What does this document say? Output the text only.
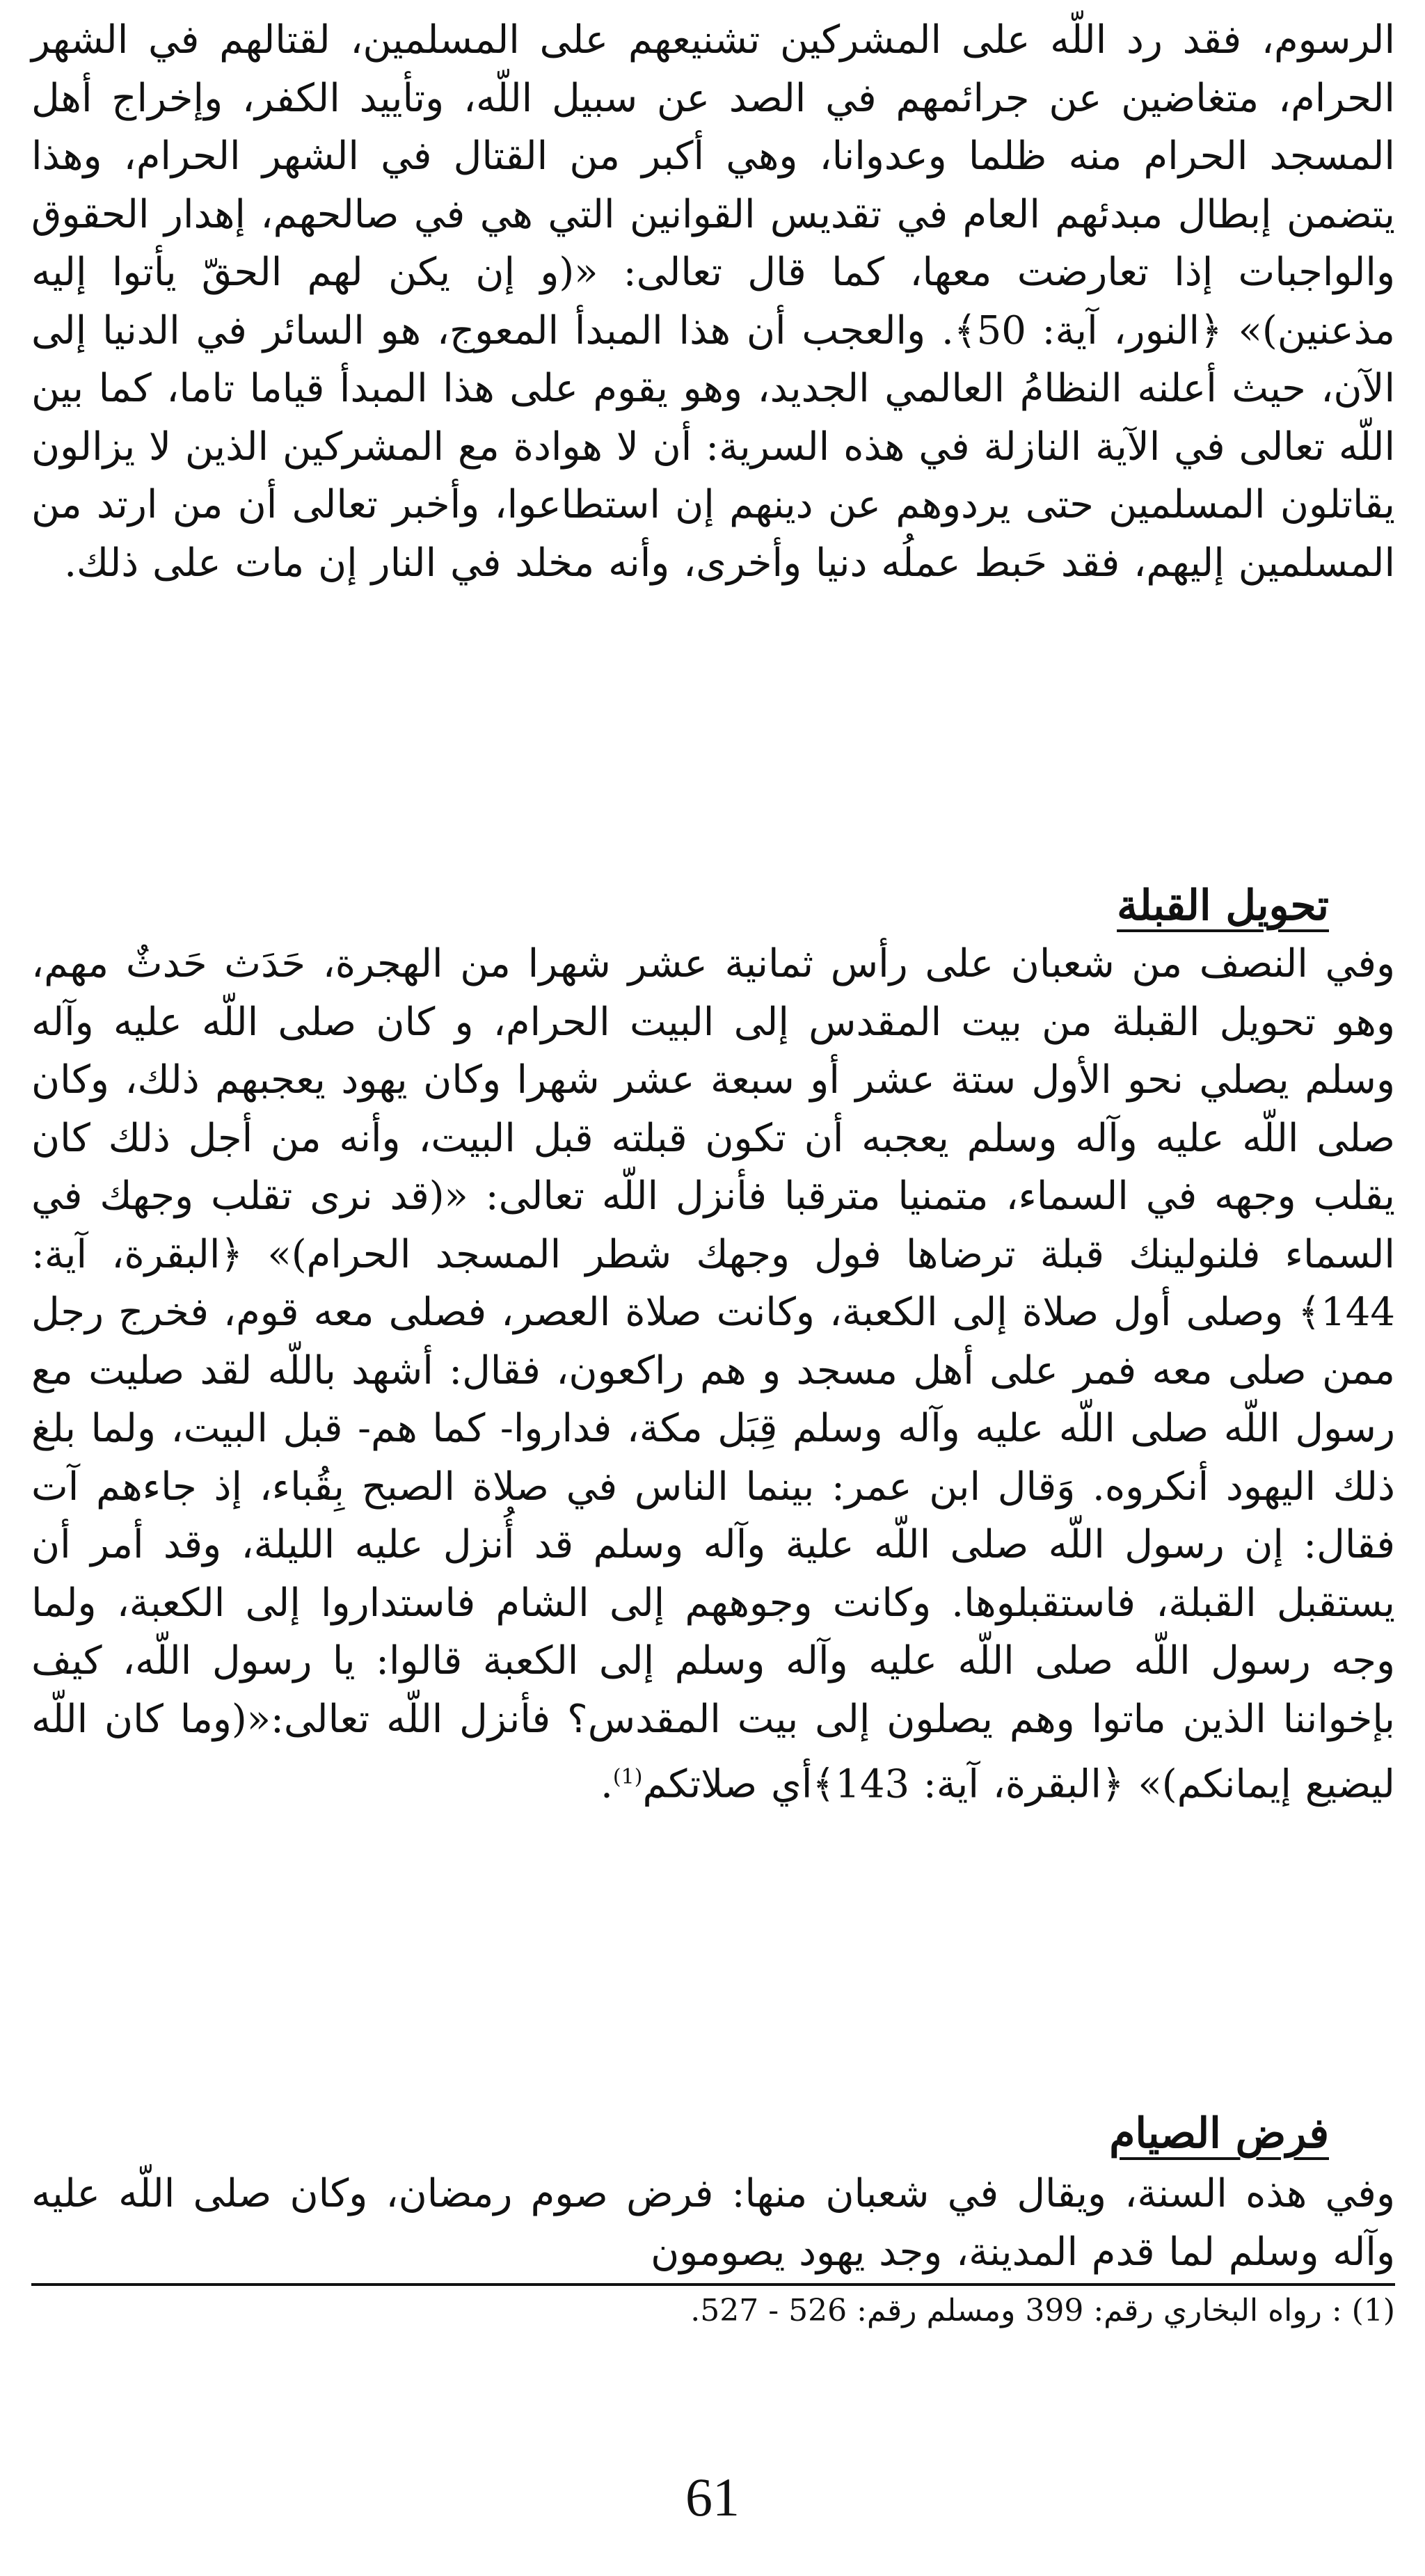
الرسوم، فقد رد اللّه على المشركين تشنيعهم على المسلمين، لقتالهم في الشهر الحرام، متغاضين عن جرائمهم في الصد عن سبيل اللّه، وتأييد الكفر، وإخراج أهل المسجد الحرام منه ظلما وعدوانا، وهي أكبر من القتال في الشهر الحرام، وهذا يتضمن إبطال مبدئهم العام في تقديس القوانين التي هي في صالحهم، إهدار الحقوق والواجبات إذا تعارضت معها، كما قال تعالى: «(و إن يكن لهم الحقّ يأتوا إليه مذعنين)» ﴿النور، آية: 50﴾. والعجب أن هذا المبدأ المعوج، هو السائر في الدنيا إلى الآن، حيث أعلنه النظامُ العالمي الجديد، وهو يقوم على هذا المبدأ قياما تاما، كما بين اللّه تعالى في الآية النازلة في هذه السرية: أن لا هوادة مع المشركين الذين لا يزالون يقاتلون المسلمين حتى يردوهم عن دينهم إن استطاعوا، وأخبر تعالى أن من ارتد من المسلمين إليهم، فقد حَبط عملُه دنيا وأخرى، وأنه مخلد في النار إن مات على ذلك.

تحويل القبلة

وفي النصف من شعبان على رأس ثمانية عشر شهرا من الهجرة، حَدَث حَدثٌ مهم، وهو تحويل القبلة من بيت المقدس إلى البيت الحرام، و كان صلى اللّه عليه وآله وسلم يصلي نحو الأول ستة عشر أو سبعة عشر شهرا وكان يهود يعجبهم ذلك، وكان صلى اللّه عليه وآله وسلم يعجبه أن تكون قبلته قبل البيت، وأنه من أجل ذلك كان يقلب وجهه في السماء، متمنيا مترقبا فأنزل اللّه تعالى: «(قد نرى تقلب وجهك في السماء فلنولينك قبلة ترضاها فول وجهك شطر المسجد الحرام)» ﴿البقرة، آية: 144﴾ وصلى أول صلاة إلى الكعبة، وكانت صلاة العصر، فصلى معه قوم، فخرج رجل ممن صلى معه فمر على أهل مسجد و هم راكعون، فقال: أشهد باللّه لقد صليت مع رسول اللّه صلى اللّه عليه وآله وسلم قِبَل مكة، فداروا- كما هم- قبل البيت، ولما بلغ ذلك اليهود أنكروه. وَقال ابن عمر: بينما الناس في صلاة الصبح بِقُباء، إذ جاءهم آت فقال: إن رسول اللّه صلى اللّه علية وآله وسلم قد أُنزل عليه الليلة، وقد أمر أن يستقبل القبلة، فاستقبلوها. وكانت وجوههم إلى الشام فاستداروا إلى الكعبة، ولما وجه رسول اللّه صلى اللّه عليه وآله وسلم إلى الكعبة قالوا: يا رسول اللّه، كيف بإخواننا الذين ماتوا وهم يصلون إلى بيت المقدس؟ فأنزل اللّه تعالى:«(وما كان اللّه ليضيع إيمانكم)» ﴿البقرة، آية: 143﴾أي صلاتكم$^{(1)}$.

فرض الصيام

وفي هذه السنة، ويقال في شعبان منها: فرض صوم رمضان، وكان صلى اللّه عليه وآله وسلم لما قدم المدينة، وجد يهود يصومون

(1) : رواه البخاري رقم: 399 ومسلم رقم: 526 - 527.

61
